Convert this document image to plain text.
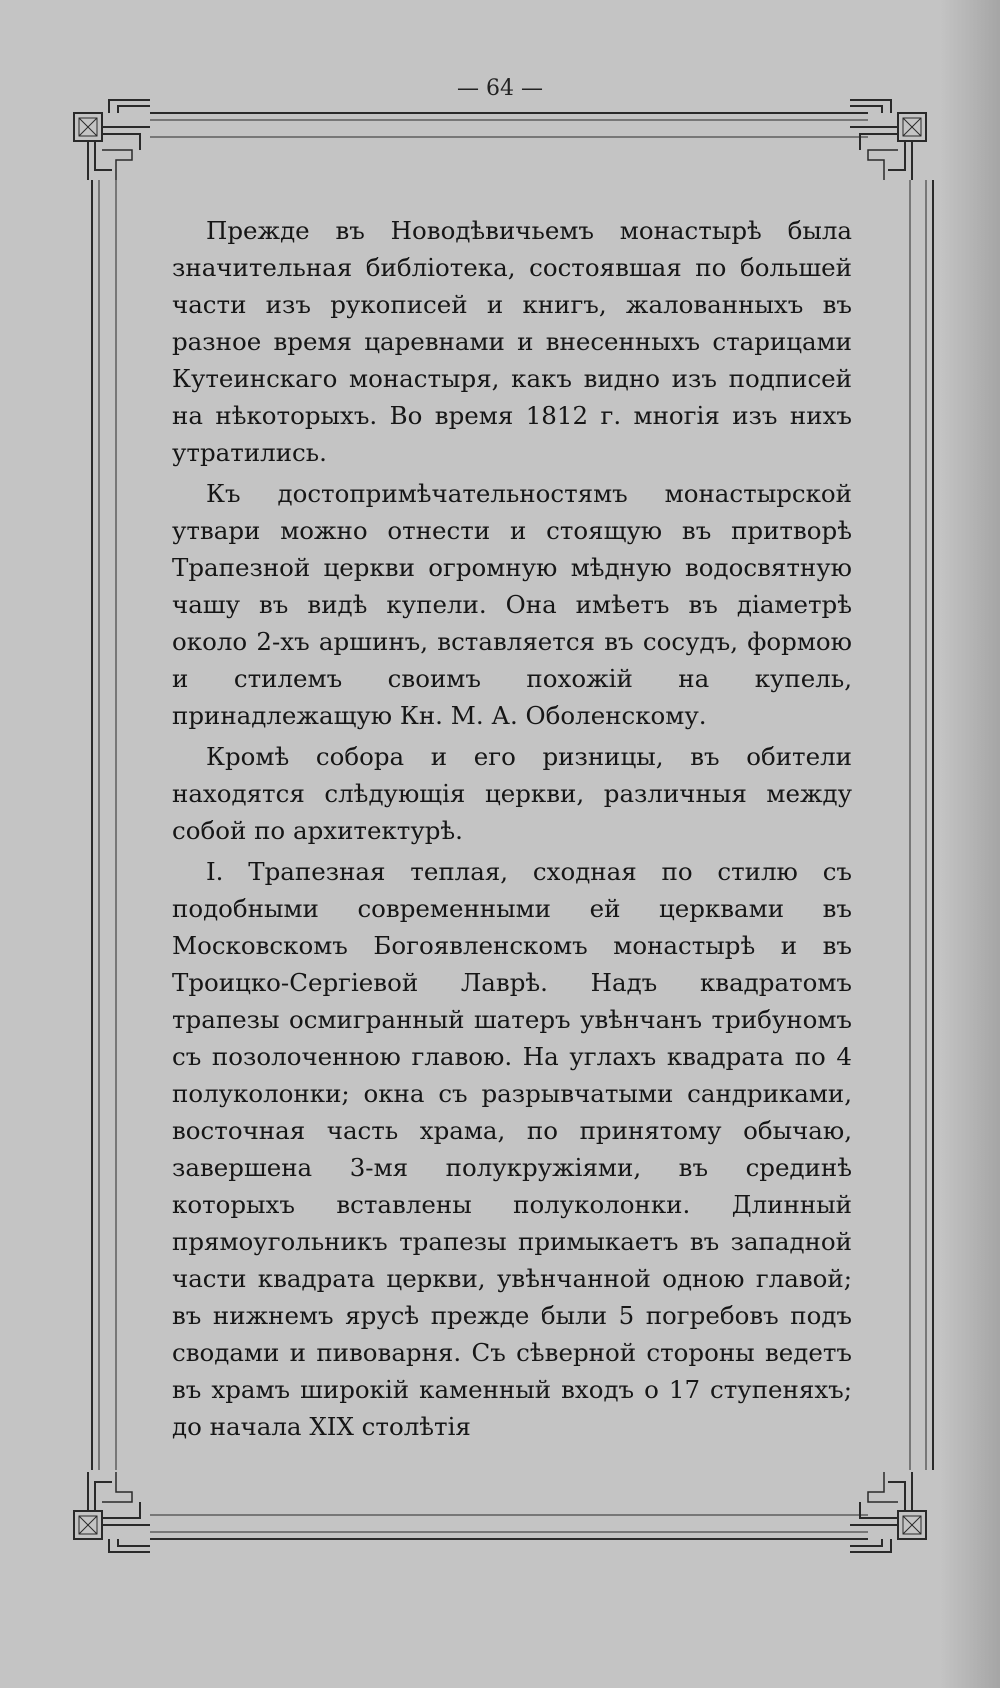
— 64 —

Прежде въ Новодѣвичьемъ монастырѣ была значительная библіотека, состоявшая по большей части изъ рукописей и книгъ, жалованныхъ въ разное время царевнами и внесенныхъ старицами Кутеинскаго монастыря, какъ видно изъ подписей на нѣкоторыхъ. Во время 1812 г. многія изъ нихъ утратились.

Къ достопримѣчательностямъ монастырской утвари можно отнести и стоящую въ притворѣ Трапезной церкви огромную мѣдную водосвятную чашу въ видѣ купели. Она имѣетъ въ діаметрѣ около 2-хъ аршинъ, вставляется въ сосудъ, формою и стилемъ своимъ похожій на купель, принадлежащую Кн. М. А. Оболенскому.

Кромѣ собора и его ризницы, въ обители находятся слѣдующія церкви, различныя между собой по архитектурѣ.

I. Трапезная теплая, сходная по стилю съ подобными современными ей церквами въ Московскомъ Богоявленскомъ монастырѣ и въ Троицко-Сергіевой Лаврѣ. Надъ квадратомъ трапезы осмигранный шатеръ увѣнчанъ трибуномъ съ позолоченною главою. На углахъ квадрата по 4 полуколонки; окна съ разрывчатыми сандриками, восточная часть храма, по принятому обычаю, завершена 3-мя полукружіями, въ срединѣ которыхъ вставлены полуколонки. Длинный прямоугольникъ трапезы примыкаетъ въ западной части квадрата церкви, увѣнчанной одною главой; въ нижнемъ ярусѣ прежде были 5 погребовъ подъ сводами и пивоварня. Съ сѣверной стороны ведетъ въ храмъ широкій каменный входъ о 17 ступеняхъ; до начала XIX столѣтія
